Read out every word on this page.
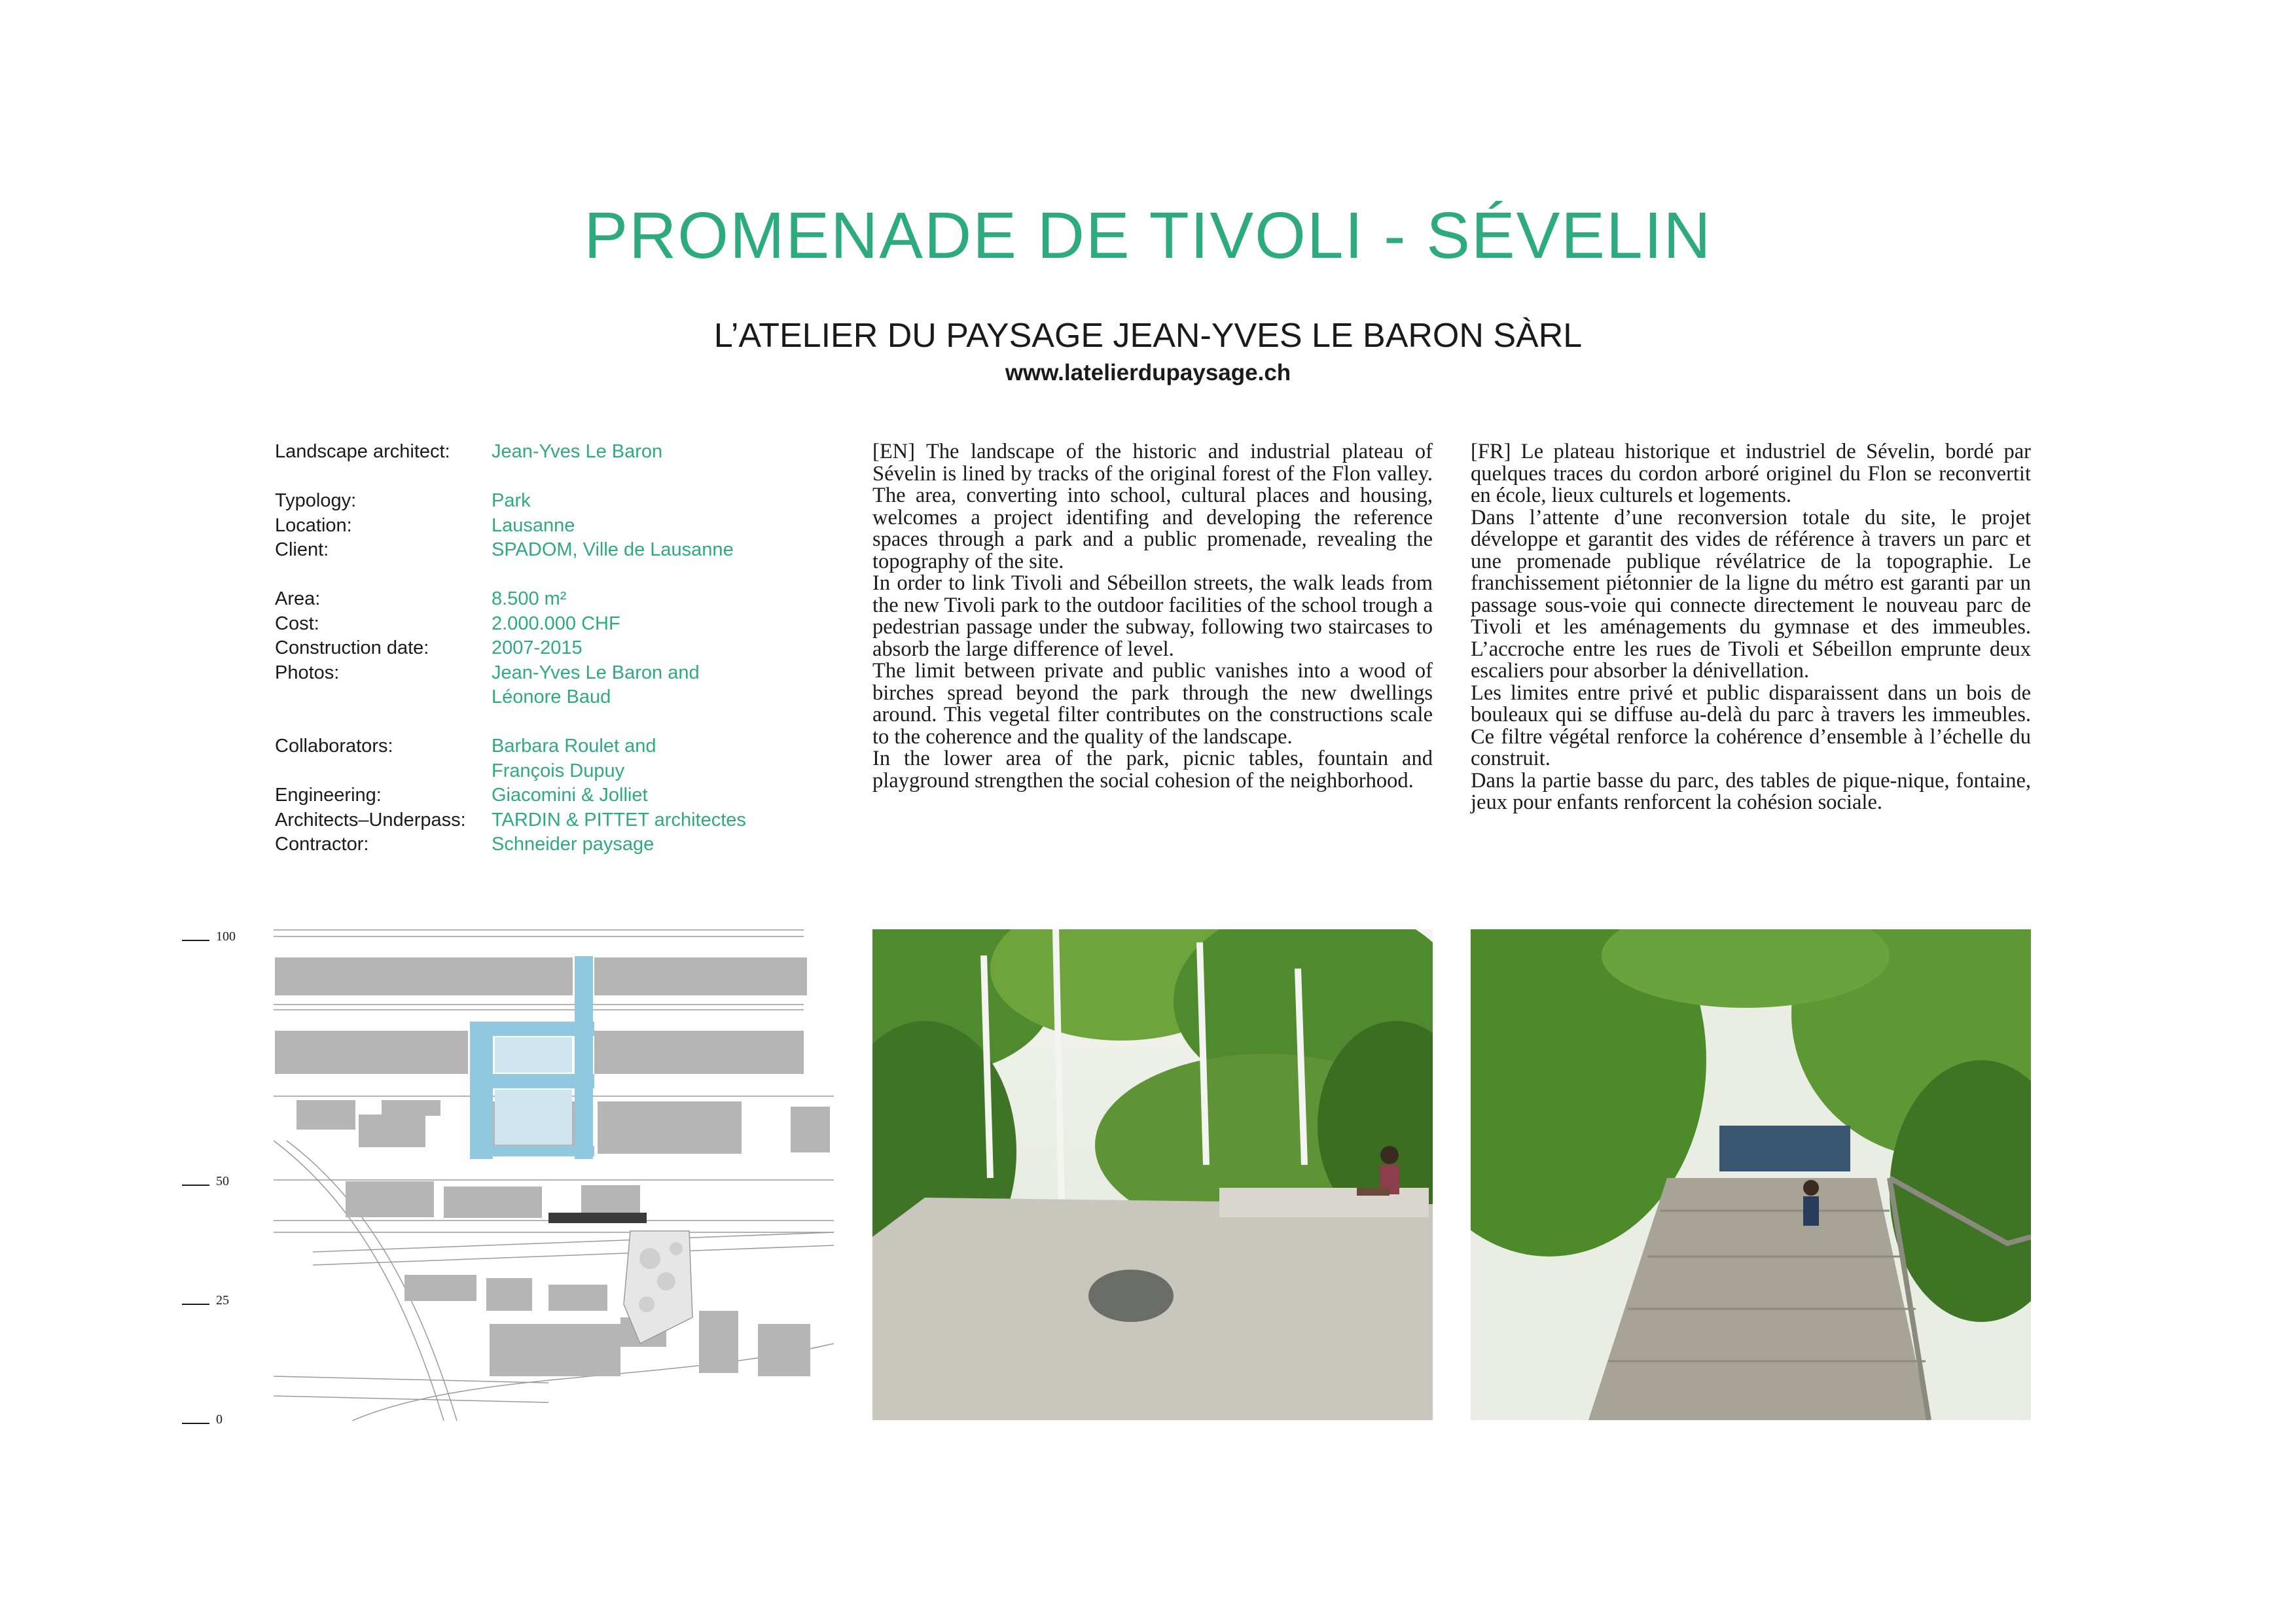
PROMENADE DE TIVOLI - SÉVELIN
L’ATELIER DU PAYSAGE JEAN-YVES LE BARON SÀRL
www.latelierdupaysage.ch
Landscape architect:	Jean-Yves Le Baron
Typology:	Park
Location:	Lausanne
Client:	SPADOM, Ville de Lausanne
Area:	8.500 m²
Cost:	2.000.000 CHF
Construction date:	2007-2015
Photos:	Jean-Yves Le Baron and
Léonore Baud
Collaborators:	Barbara Roulet and
François Dupuy
Engineering:	Giacomini & Jolliet
Architects–Underpass:	TARDIN & PITTET architectes
Contractor:	Schneider paysage

[EN] The landscape of the historic and industrial plateau of Sévelin is lined by tracks of the original forest of the Flon valley. The area, converting into school, cultural places and housing, welcomes a project identifing and developing the reference spaces through a park and a public promenade, revealing the topography of the site.

In order to link Tivoli and Sébeillon streets, the walk leads from the new Tivoli park to the outdoor facilities of the school trough a pedestrian passage under the subway, following two staircases to absorb the large difference of level.

The limit between private and public vanishes into a wood of birches spread beyond the park through the new dwellings around. This vegetal filter contributes on the constructions scale to the coherence and the quality of the landscape.

In the lower area of the park, picnic tables, fountain and playground strengthen the social cohesion of the neighborhood.

[FR] Le plateau historique et industriel de Sévelin, bordé par quelques traces du cordon arboré originel du Flon se reconvertit en école, lieux culturels et logements.

Dans l’attente d’une reconversion totale du site, le projet développe et garantit des vides de référence à travers un parc et une promenade publique révélatrice de la topographie. Le franchissement piétonnier de la ligne du métro est garanti par un passage sous-voie qui connecte directement le nouveau parc de Tivoli et les aménagements du gymnase et des immeubles. L’accroche entre les rues de Tivoli et Sébeillon emprunte deux escaliers pour absorber la dénivellation.

Les limites entre privé et public disparaissent dans un bois de bouleaux qui se diffuse au-delà du parc à travers les immeubles. Ce filtre végétal renforce la cohérence d’ensemble à l’échelle du construit.

Dans la partie basse du parc, des tables de pique-nique, fontaine, jeux pour enfants renforcent la cohésion sociale.

100
50
25
0
